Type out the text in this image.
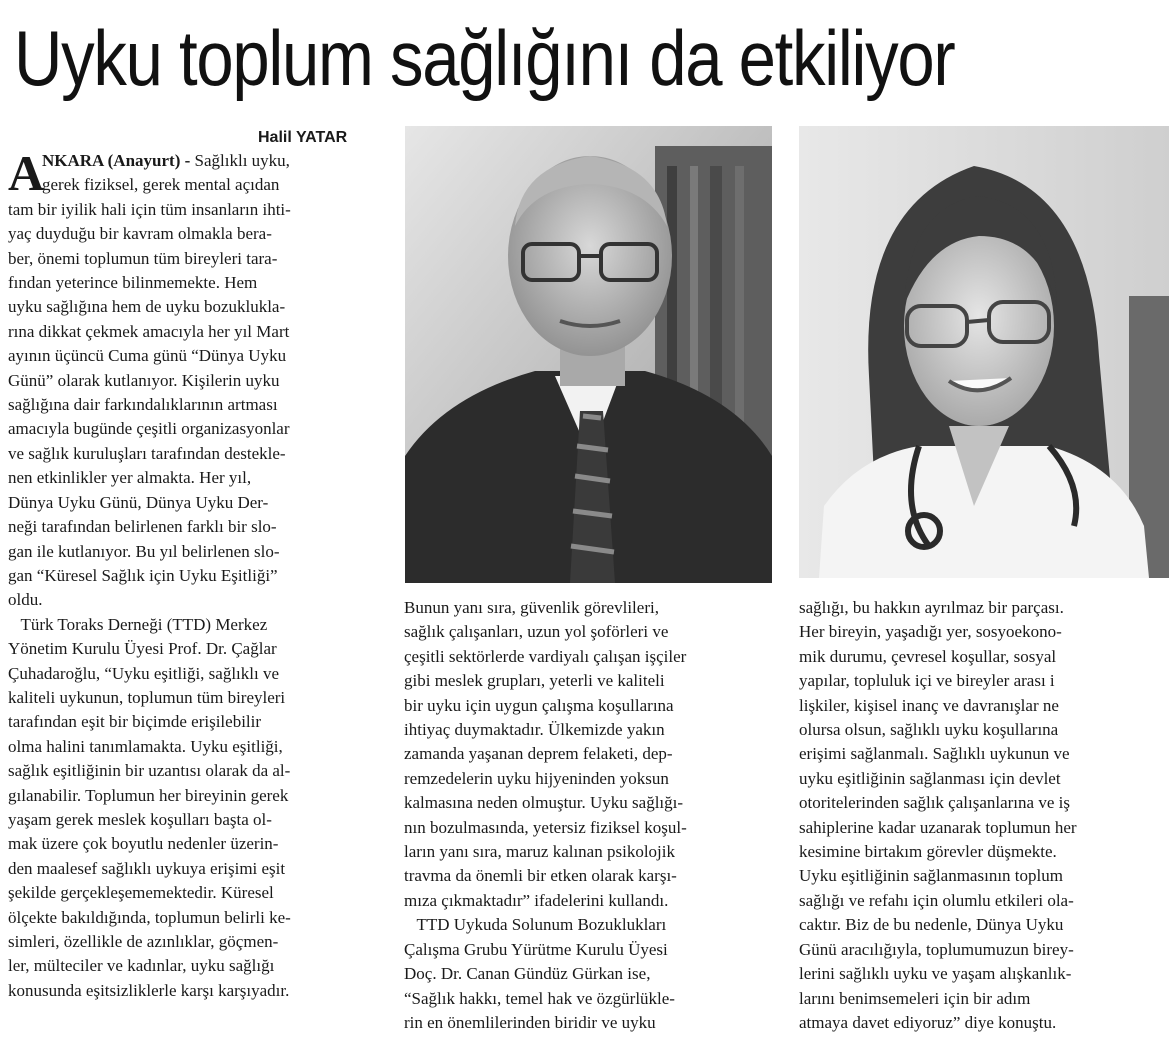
Uyku toplum sağlığını da etkiliyor
Halil YATAR
A

NKARA (Anayurt) - Sağlıklı uyku,

gerek fiziksel, gerek mental açıdan

tam bir iyilik hali için tüm insanların ihti-

yaç duyduğu bir kavram olmakla bera-

ber, önemi toplumun tüm bireyleri tara-

fından yeterince bilinmemekte. Hem

uyku sağlığına hem de uyku bozuklukla-

rına dikkat çekmek amacıyla her yıl Mart

ayının üçüncü Cuma günü “Dünya Uyku

Günü” olarak kutlanıyor. Kişilerin uyku

sağlığına dair farkındalıklarının artması

amacıyla bugünde çeşitli organizasyonlar

ve sağlık kuruluşları tarafından destekle-

nen etkinlikler yer almakta. Her yıl,

Dünya Uyku Günü, Dünya Uyku Der-

neği tarafından belirlenen farklı bir slo-

gan ile kutlanıyor. Bu yıl belirlenen slo-

gan “Küresel Sağlık için Uyku Eşitliği”

oldu.

Türk Toraks Derneği (TTD) Merkez

Yönetim Kurulu Üyesi Prof. Dr. Çağlar

Çuhadaroğlu, “Uyku eşitliği, sağlıklı ve

kaliteli uykunun, toplumun tüm bireyleri

tarafından eşit bir biçimde erişilebilir

olma halini tanımlamakta. Uyku eşitliği,

sağlık eşitliğinin bir uzantısı olarak da al-

gılanabilir. Toplumun her bireyinin gerek

yaşam gerek meslek koşulları başta ol-

mak üzere çok boyutlu nedenler üzerin-

den maalesef sağlıklı uykuya erişimi eşit

şekilde gerçekleşememektedir. Küresel

ölçekte bakıldığında, toplumun belirli ke-

simleri, özellikle de azınlıklar, göçmen-

ler, mülteciler ve kadınlar, uyku sağlığı

konusunda eşitsizliklerle karşı karşıyadır.

Bunun yanı sıra, güvenlik görevlileri,

sağlık çalışanları, uzun yol şoförleri ve

çeşitli sektörlerde vardiyalı çalışan işçiler

gibi meslek grupları, yeterli ve kaliteli

bir uyku için uygun çalışma koşullarına

ihtiyaç duymaktadır. Ülkemizde yakın

zamanda yaşanan deprem felaketi, dep-

remzedelerin uyku hijyeninden yoksun

kalmasına neden olmuştur. Uyku sağlığı-

nın bozulmasında, yetersiz fiziksel koşul-

ların yanı sıra, maruz kalınan psikolojik

travma da önemli bir etken olarak karşı-

mıza çıkmaktadır” ifadelerini kullandı.

TTD Uykuda Solunum Bozuklukları

Çalışma Grubu Yürütme Kurulu Üyesi

Doç. Dr. Canan Gündüz Gürkan ise,

“Sağlık hakkı, temel hak ve özgürlükle-

rin en önemlilerinden biridir ve uyku

sağlığı, bu hakkın ayrılmaz bir parçası.

Her bireyin, yaşadığı yer, sosyoekono-

mik durumu, çevresel koşullar, sosyal

yapılar, topluluk içi ve bireyler arası i

lişkiler, kişisel inanç ve davranışlar ne

olursa olsun, sağlıklı uyku koşullarına

erişimi sağlanmalı. Sağlıklı uykunun ve

uyku eşitliğinin sağlanması için devlet

otoritelerinden sağlık çalışanlarına ve iş

sahiplerine kadar uzanarak toplumun her

kesimine birtakım görevler düşmekte.

Uyku eşitliğinin sağlanmasının toplum

sağlığı ve refahı için olumlu etkileri ola-

caktır. Biz de bu nedenle, Dünya Uyku

Günü aracılığıyla, toplumumuzun birey-

lerini sağlıklı uyku ve yaşam alışkanlık-

larını benimsemeleri için bir adım

atmaya davet ediyoruz” diye konuştu.
